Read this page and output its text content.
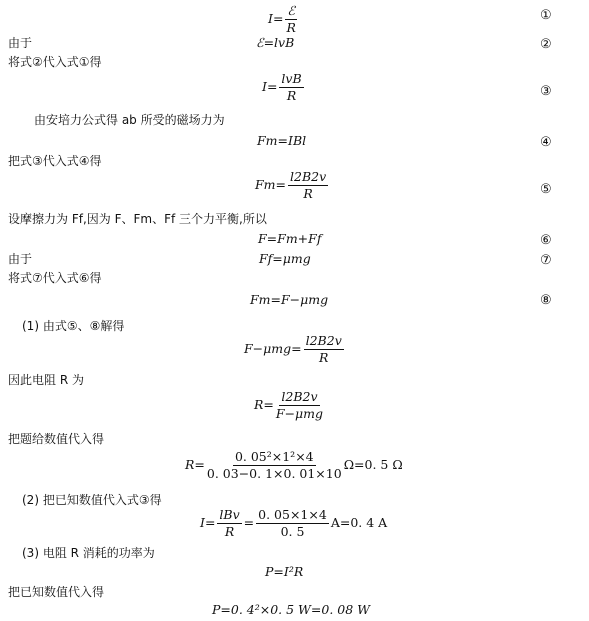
$I= \frac{\text{ℰ}}{R}$	①
由于	ℰ=lvB	②
将式②代入式①得
$I= \frac{\text{lvB}}{R}$	③
由安培力公式得 ab 所受的磁场力为
Fm=IBl	④
把式③代入式④得
$Fm= \frac{l2B2v}{R}$	⑤
设摩擦力为 Ff,因为 F、Fm、Ff 三个力平衡,所以
F=Fm+Ff	⑥
由于	Ff=μmg	⑦
将式⑦代入式⑥得
Fm=F−μmg	⑧
(1) 由式⑤、⑧解得
$F-\mu mg= \frac{l2B2v}{R}$
因此电阻 R 为
$R= \frac{l2B2v}{\text{F−μmg}}$
把题给数值代入得
$R= \frac{\text{0. 05²×1²×4}}{0. 03-0. 1\times 0. 01\times 10} \Omega=0$. 5 Ω
(2) 把已知数值代入式③得
$I= \frac{\text{lBv}}{R} = \frac{0. 05\times 1\times 4}{0. 5} A=0$. 4 A
(3) 电阻 R 消耗的功率为
P=I²R
把已知数值代入得
P=0. 4²×0. 5 W=0. 08 W
